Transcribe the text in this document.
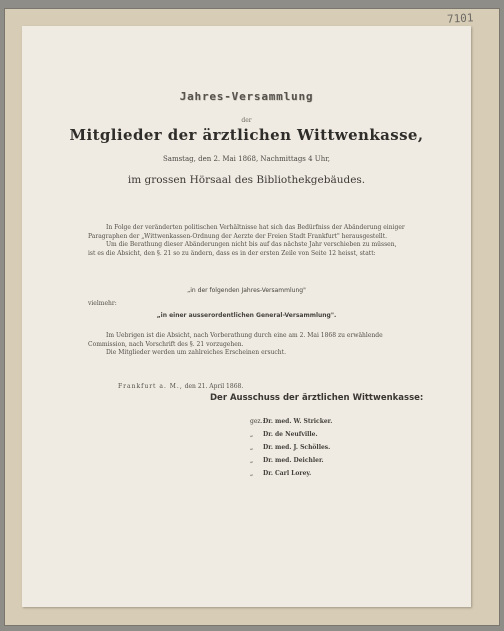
7101
Jahres-Versammlung
der
Mitglieder der ärztlichen Wittwenkasse,
Samstag, den 2. Mai 1868, Nachmittags 4 Uhr,
im grossen Hörsaal des Bibliothekgebäudes.
In Folge der veränderten politischen Verhältnisse hat sich das Bedürfniss der Abänderung einiger
Paragraphen der „Wittwenkassen-Ordnung der Aerzte der Freien Stadt Frankfurt" herausgestellt.
Um die Berathung dieser Abänderungen nicht bis auf das nächste Jahr verschieben zu müssen,
ist es die Absicht, den §. 21 so zu ändern, dass es in der ersten Zeile von Seite 12 heisst, statt:
„in der folgenden Jahres-Versammlung"
vielmehr:
„in einer ausserordentlichen General-Versammlung".
Im Uebrigen ist die Absicht, nach Vorberathung durch eine am 2. Mai 1868 zu erwählende
Commission, nach Vorschrift des §. 21 vorzugehen.
Die Mitglieder werden um zahlreiches Erscheinen ersucht.
Frankfurt a. M., den 21. April 1868.
Der Ausschuss der ärztlichen Wittwenkasse:
gez.:
Dr. med. W. Stricker.
„	Dr. de Neufville.
„	Dr. med. J. Schölles.
„	Dr. med. Deichler.
„	Dr. Carl Lorey.
